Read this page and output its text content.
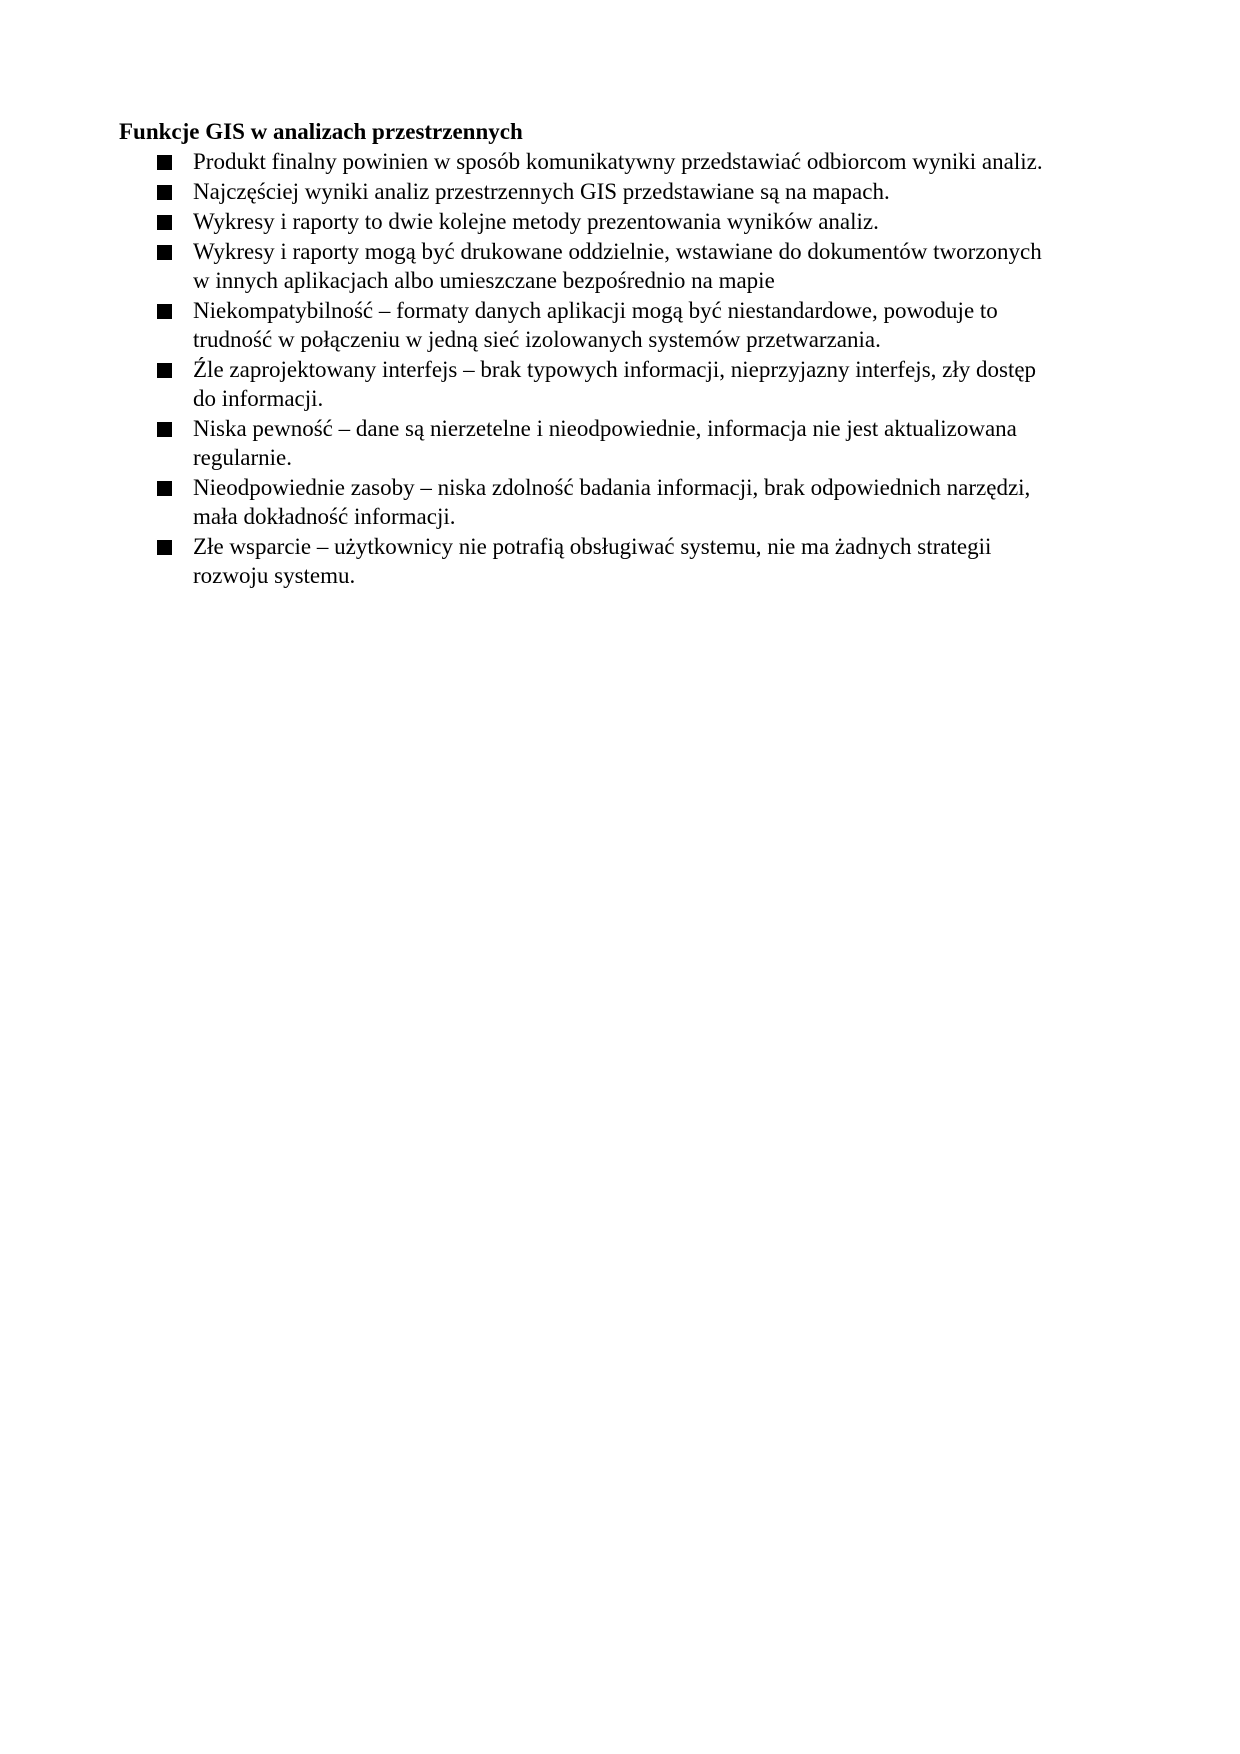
Funkcje GIS w analizach przestrzennych
Produkt finalny powinien w sposób komunikatywny przedstawiać odbiorcom wyniki analiz.
Najczęściej wyniki analiz przestrzennych GIS przedstawiane są na mapach.
Wykresy i raporty to dwie kolejne metody prezentowania wyników analiz.
Wykresy i raporty mogą być drukowane oddzielnie, wstawiane do dokumentów tworzonych
w innych aplikacjach albo umieszczane bezpośrednio na mapie
Niekompatybilność – formaty danych aplikacji mogą być niestandardowe, powoduje to
trudność w połączeniu w jedną sieć izolowanych systemów przetwarzania.
Źle zaprojektowany interfejs – brak typowych informacji, nieprzyjazny interfejs, zły dostęp
do informacji.
Niska pewność – dane są nierzetelne i nieodpowiednie, informacja nie jest aktualizowana
regularnie.
Nieodpowiednie zasoby – niska zdolność badania informacji, brak odpowiednich narzędzi,
mała dokładność informacji.
Złe wsparcie – użytkownicy nie potrafią obsługiwać systemu, nie ma żadnych strategii
rozwoju systemu.
